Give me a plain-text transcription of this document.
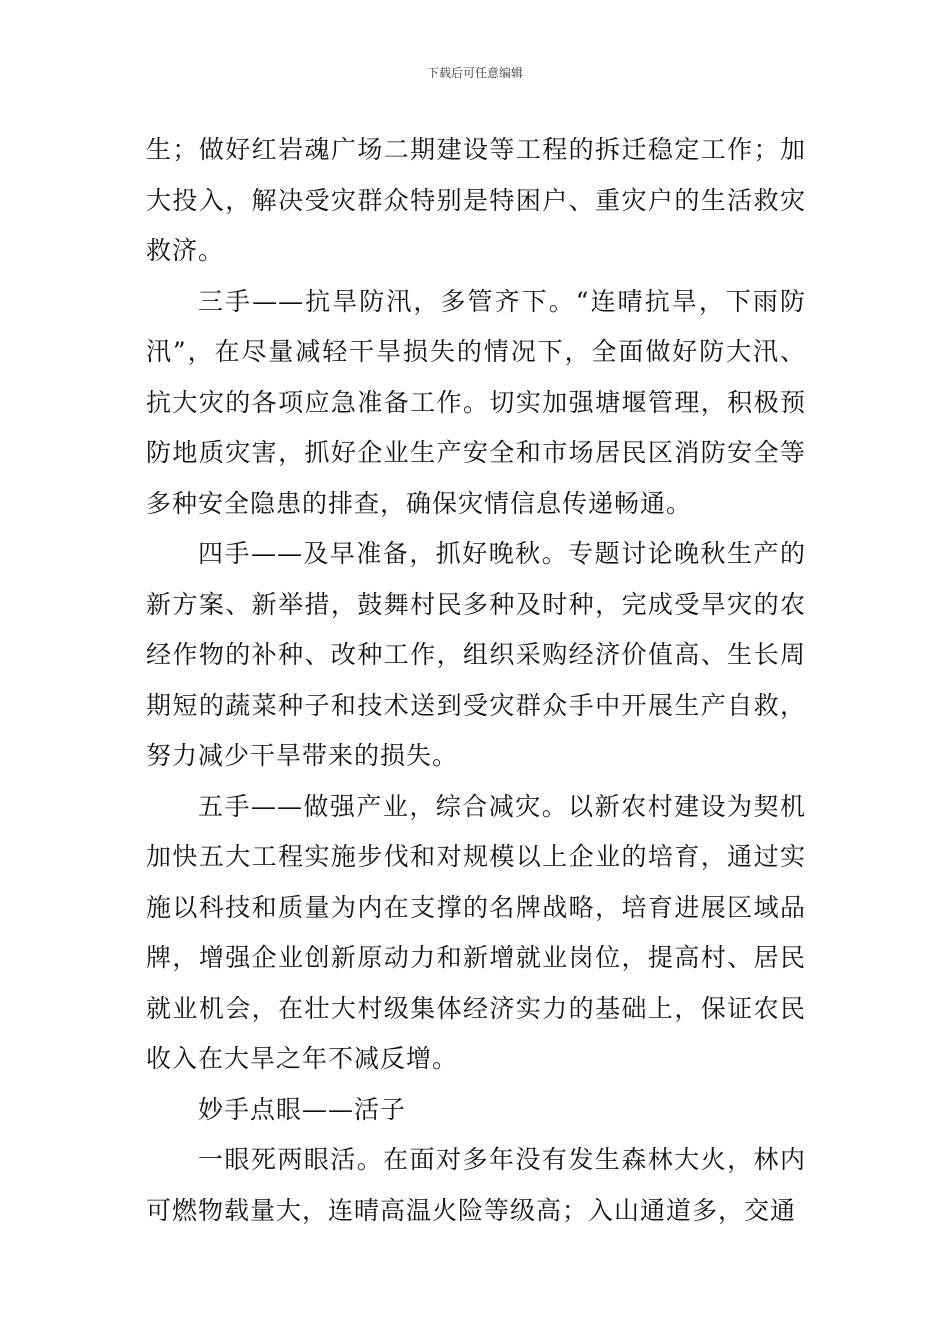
下载后可任意编辑

生；做好红岩魂广场二期建设等工程的拆迁稳定工作；加大投入，解决受灾群众特别是特困户、重灾户的生活救灾救济。

三手——抗旱防汛，多管齐下。“连晴抗旱，下雨防汛”，在尽量减轻干旱损失的情况下，全面做好防大汛、抗大灾的各项应急准备工作。切实加强塘堰管理，积极预防地质灾害，抓好企业生产安全和市场居民区消防安全等多种安全隐患的排查，确保灾情信息传递畅通。

四手——及早准备，抓好晚秋。专题讨论晚秋生产的新方案、新举措，鼓舞村民多种及时种，完成受旱灾的农经作物的补种、改种工作，组织采购经济价值高、生长周期短的蔬菜种子和技术送到受灾群众手中开展生产自救，努力减少干旱带来的损失。

五手——做强产业，综合减灾。以新农村建设为契机加快五大工程实施步伐和对规模以上企业的培育，通过实施以科技和质量为内在支撑的名牌战略，培育进展区域品牌，增强企业创新原动力和新增就业岗位，提高村、居民就业机会，在壮大村级集体经济实力的基础上，保证农民收入在大旱之年不减反增。

妙手点眼——活子

一眼死两眼活。在面对多年没有发生森林大火，林内可燃物载量大，连晴高温火险等级高；入山通道多，交通
